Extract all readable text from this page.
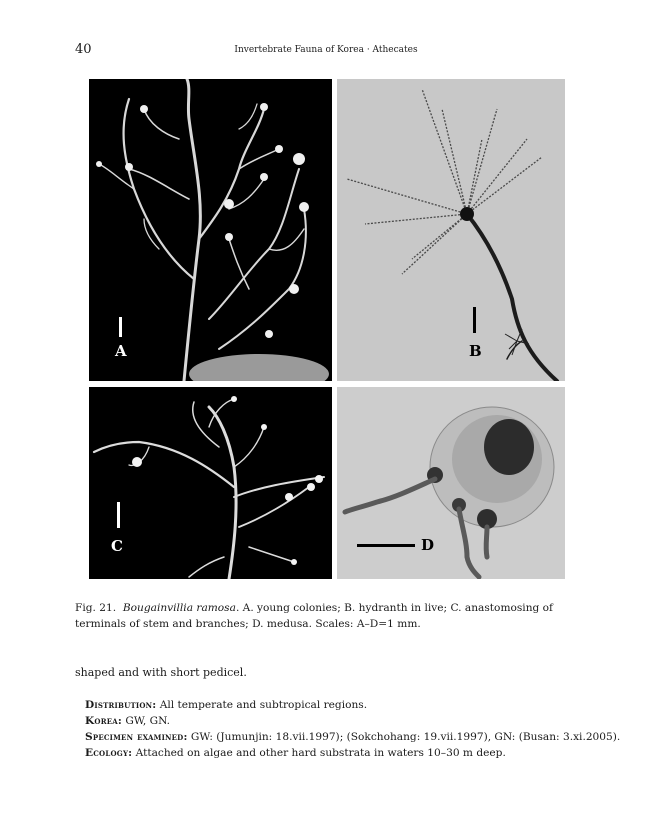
40	Invertebrate Fauna of Korea · Athecates
A	B
C	D
Fig. 21. Bougainvillia ramosa. A. young colonies; B. hydranth in live; C. anastomosing of terminals of stem and branches; D. medusa. Scales: A–D=1 mm.
shaped and with short pedicel.
Distribution: All temperate and subtropical regions.
Korea: GW, GN.
Specimen examined: GW: (Jumunjin: 18.vii.1997); (Sokchohang: 19.vii.1997), GN: (Busan: 3.xi.2005).
Ecology: Attached on algae and other hard substrata in waters 10–30 m deep.
